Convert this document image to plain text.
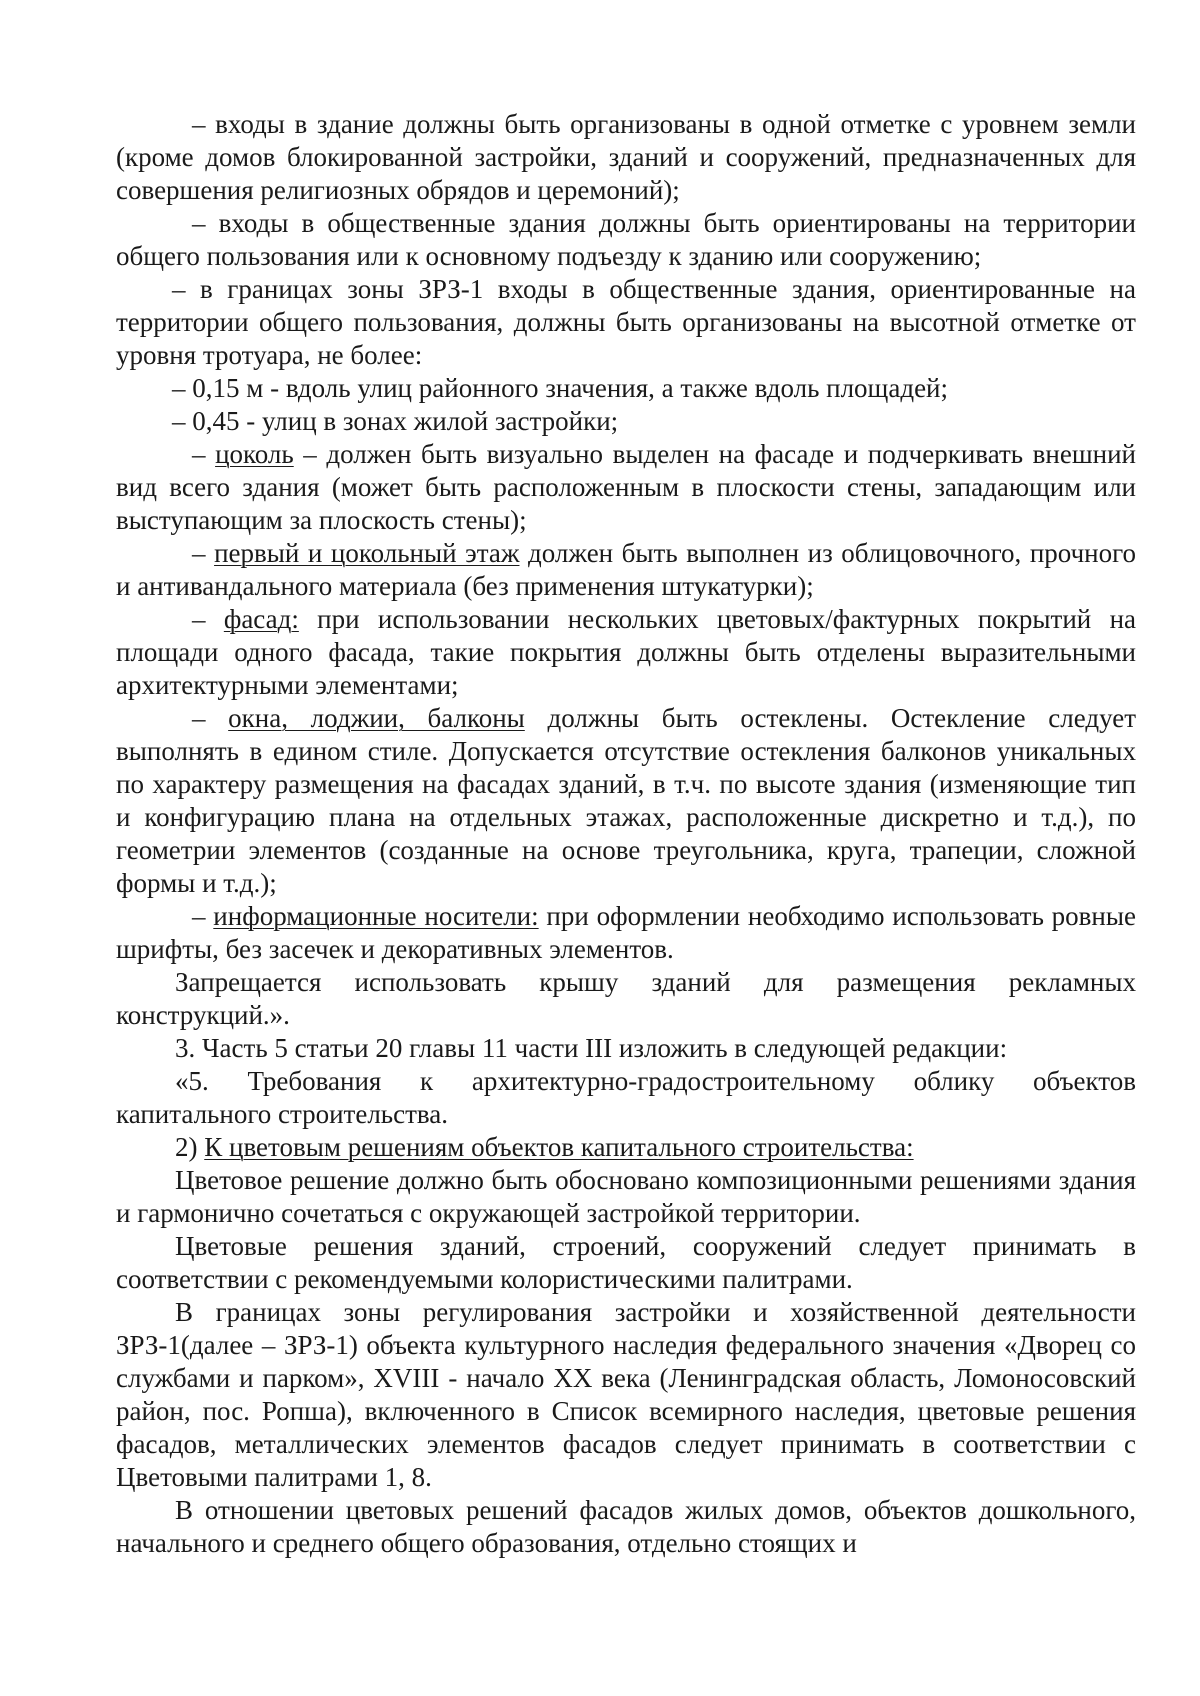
– входы в здание должны быть организованы в одной отметке с уровнем земли (кроме домов блокированной застройки, зданий и сооружений, предназначенных для совершения религиозных обрядов и церемоний);

– входы в общественные здания должны быть ориентированы на территории общего пользования или к основному подъезду к зданию или сооружению;

– в границах зоны ЗРЗ-1 входы в общественные здания, ориентированные на территории общего пользования, должны быть организованы на высотной отметке от уровня тротуара, не более:

– 0,15 м - вдоль улиц районного значения, а также вдоль площадей;

– 0,45 - улиц в зонах жилой застройки;

– цоколь – должен быть визуально выделен на фасаде и подчеркивать внешний вид всего здания (может быть расположенным в плоскости стены, западающим или выступающим за плоскость стены);

– первый и цокольный этаж должен быть выполнен из облицовочного, прочного и антивандального материала (без применения штукатурки);

– фасад: при использовании нескольких цветовых/фактурных покрытий на площади одного фасада, такие покрытия должны быть отделены выразительными архитектурными элементами;

– окна, лоджии, балконы должны быть остеклены. Остекление следует выполнять в едином стиле. Допускается отсутствие остекления балконов уникальных по характеру размещения на фасадах зданий, в т.ч. по высоте здания (изменяющие тип и конфигурацию плана на отдельных этажах, расположенные дискретно и т.д.), по геометрии элементов (созданные на основе треугольника, круга, трапеции, сложной формы и т.д.);

– информационные носители: при оформлении необходимо использовать ровные шрифты, без засечек и декоративных элементов.

Запрещается использовать крышу зданий для размещения рекламных конструкций.».

3. Часть 5 статьи 20 главы 11 части III изложить в следующей редакции:

«5. Требования к архитектурно-градостроительному облику объектов капитального строительства.

2) К цветовым решениям объектов капитального строительства:

Цветовое решение должно быть обосновано композиционными решениями здания и гармонично сочетаться с окружающей застройкой территории.

Цветовые решения зданий, строений, сооружений следует принимать в соответствии с рекомендуемыми колористическими палитрами.

В границах зоны регулирования застройки и хозяйственной деятельности ЗРЗ-1(далее – ЗРЗ-1) объекта культурного наследия федерального значения «Дворец со службами и парком», XVIII - начало XX века (Ленинградская область, Ломоносовский район, пос. Ропша), включенного в Список всемирного наследия, цветовые решения фасадов, металлических элементов фасадов следует принимать в соответствии с Цветовыми палитрами 1, 8.

В отношении цветовых решений фасадов жилых домов, объектов дошкольного, начального и среднего общего образования, отдельно стоящих и
